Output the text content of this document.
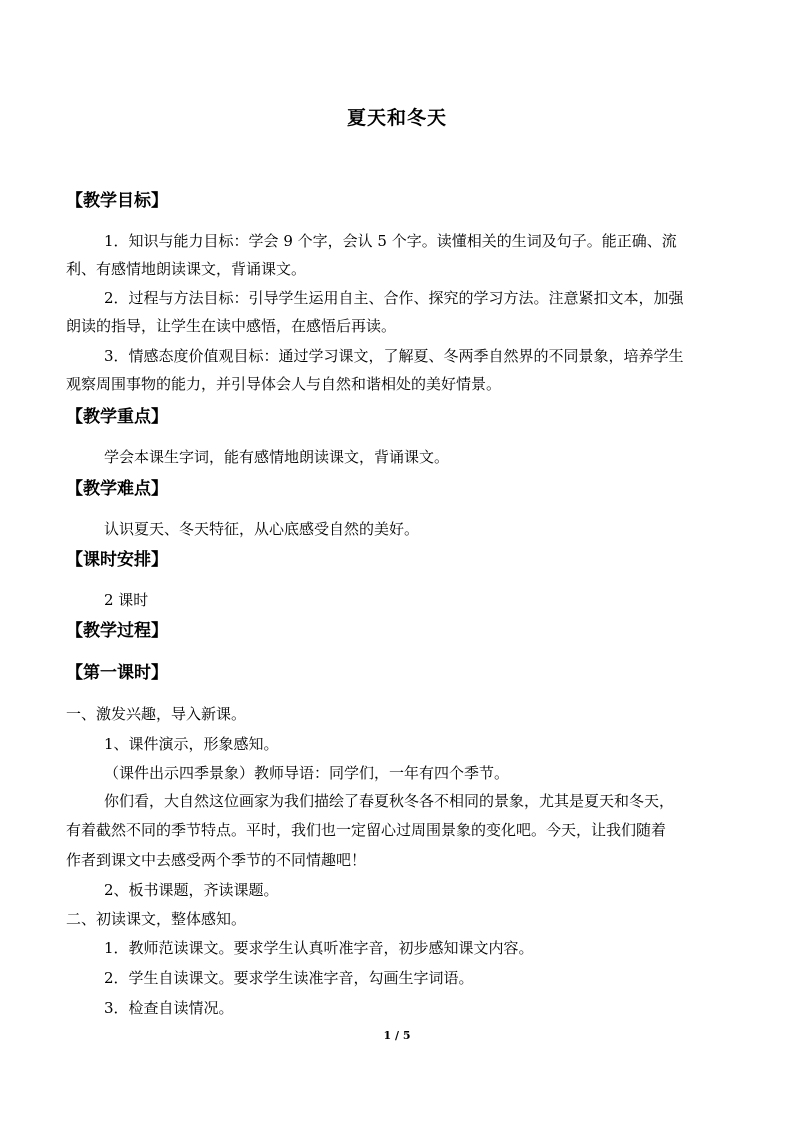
夏天和冬天
【教学目标】
1．知识与能力目标：学会 9 个字，会认 5 个字。读懂相关的生词及句子。能正确、流
利、有感情地朗读课文，背诵课文。
2．过程与方法目标：引导学生运用自主、合作、探究的学习方法。注意紧扣文本，加强
朗读的指导，让学生在读中感悟，在感悟后再读。
3．情感态度价值观目标：通过学习课文，了解夏、冬两季自然界的不同景象，培养学生
观察周围事物的能力，并引导体会人与自然和谐相处的美好情景。
【教学重点】
学会本课生字词，能有感情地朗读课文，背诵课文。
【教学难点】
认识夏天、冬天特征，从心底感受自然的美好。
【课时安排】
2 课时
【教学过程】
【第一课时】
一、激发兴趣，导入新课。
1、课件演示，形象感知。
（课件出示四季景象）教师导语：同学们，一年有四个季节。
你们看，大自然这位画家为我们描绘了春夏秋冬各不相同的景象，尤其是夏天和冬天，
有着截然不同的季节特点。平时，我们也一定留心过周围景象的变化吧。今天，让我们随着
作者到课文中去感受两个季节的不同情趣吧！
2、板书课题，齐读课题。
二、初读课文，整体感知。
1．教师范读课文。要求学生认真听准字音，初步感知课文内容。
2．学生自读课文。要求学生读准字音，勾画生字词语。
3．检查自读情况。
1 / 5
